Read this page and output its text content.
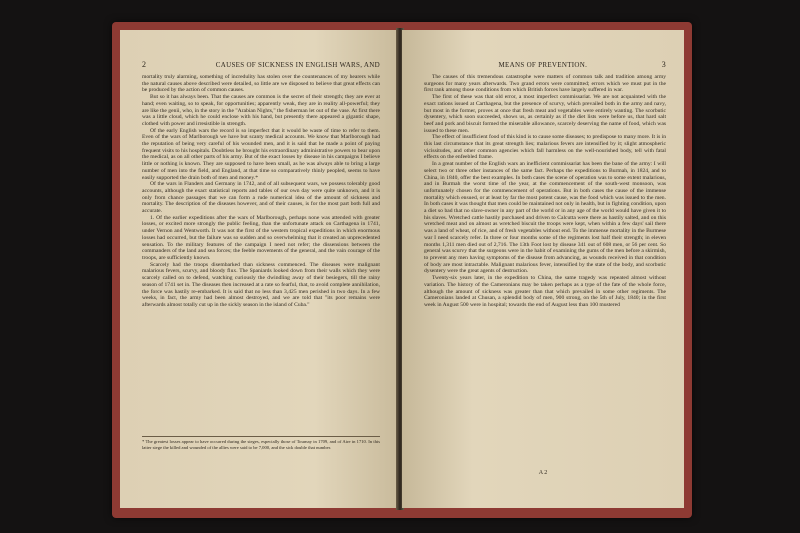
2	CAUSES OF SICKNESS IN ENGLISH WARS, AND

mortality truly alarming, something of incredulity has stolen over the countenances of my hearers while the natural causes above described were detailed, so little are we disposed to believe that great effects can be produced by the action of common causes.

But so it has always been. That the causes are common is the secret of their strength; they are ever at hand; even waiting, so to speak, for opportunities; apparently weak, they are in reality all-powerful; they are like the genii, who, in the story in the "Arabian Nights," the fisherman let out of the vase. At first there was a little cloud, which he could enclose with his hand, but presently there appeared a gigantic shape, clothed with power and irresistible in strength.

Of the early English wars the record is so imperfect that it would be waste of time to refer to them. Even of the wars of Marlborough we have but scanty medical accounts. We know that Marlborough had the reputation of being very careful of his wounded men, and it is said that he made a point of paying frequent visits to his hospitals. Doubtless he brought his extraordinary administrative powers to bear upon the medical, as on all other parts of his army. But of the exact losses by disease in his campaigns I believe little or nothing is known. They are supposed to have been small, as he was always able to bring a large number of men into the field, and England, at that time so comparatively thinly peopled, seems to have easily supported the drain both of men and money.*

Of the wars in Flanders and Germany in 1742, and of all subsequent wars, we possess tolerably good accounts, although the exact statistical reports and tables of our own day were quite unknown, and it is only from chance passages that we can form a rude numerical idea of the amount of sickness and mortality. The description of the diseases however, and of their causes, is for the most part both full and accurate.

1. Of the earlier expeditions after the wars of Marlborough, perhaps none was attended with greater losses, or excited more strongly the public feeling, than the unfortunate attack on Carthagena in 1741, under Vernon and Wentworth. It was not the first of the western tropical expeditions in which enormous losses had occurred, but the failure was so sudden and so overwhelming that it created an unprecedented sensation. To the military features of the campaign I need not refer; the dissensions between the commanders of the land and sea forces; the feeble movements of the general, and the vain courage of the troops, are sufficiently known.

Scarcely had the troops disembarked than sickness commenced. The diseases were malignant malarious fevers, scurvy, and bloody flux. The Spaniards looked down from their walls which they were scarcely called on to defend, watching curiously the dwindling away of their besiegers, till the rainy season of 1741 set in. The diseases then increased at a rate so fearful, that, to avoid complete annihilation, the force was hastily re-embarked. It is said that no less than 3,425 men perished in two days. In a few weeks, in fact, the army had been almost destroyed, and we are told that "its poor remains were afterwards almost totally cut up in the sickly season in the island of Cuba."

* The greatest losses appear to have occurred during the sieges, especially those of Tournay in 1709, and of Aire in 1710. In this latter siege the killed and wounded of the allies were said to be 7,000, and the sick double that number.
MEANS OF PREVENTION.	3

The causes of this tremendous catastrophe were matters of common talk and tradition among army surgeons for many years afterwards. Two grand errors were committed; errors which we must put in the first rank among those conditions from which British forces have largely suffered in war.

The first of these was that old error, a most imperfect commissariat. We are not acquainted with the exact rations issued at Carthagena, but the presence of scurvy, which prevailed both in the army and navy, but most in the former, proves at once that fresh meat and vegetables were entirely wanting. The scorbutic dysentery, which soon succeeded, shows us, as certainly as if the diet lists were before us, that hard salt beef and pork and biscuit formed the miserable allowance, scarcely deserving the name of food, which was issued to these men.

The effect of insufficient food of this kind is to cause some diseases; to predispose to many more. It is in this last circumstance that its great strength lies; malarious fevers are intensified by it; slight atmospheric vicissitudes, and other common agencies which fall harmless on the well-nourished body, tell with fatal effects on the enfeebled frame.

In a great number of the English wars an inefficient commissariat has been the bane of the army: I will select two or three other instances of the same fact. Perhaps the expeditions to Burmah, in 1824, and to China, in 1840, offer the best examples. In both cases the scene of operation was to some extent malarious, and in Burmah the worst time of the year, at the commencement of the south-west monsoon, was unfortunately chosen for the commencement of operations. But in both cases the cause of the immense mortality which ensued, or at least by far the most potent cause, was the food which was issued to the men. In both cases it was thought that men could be maintained not only in health, but in fighting condition, upon a diet so bad that no slave-owner in any part of the world or in any age of the world would have given it to his slaves. Wretched cattle hastily purchased and driven to Calcutta were there as hastily salted, and on this wretched meat and on almost as wretched biscuit the troops were kept, when within a few days' sail there was a land of wheat, of rice, and of fresh vegetables without end. To the immense mortality in the Burmese war I need scarcely refer. In three or four months some of the regiments lost half their strength; in eleven months 1,311 men died out of 2,716. The 13th Foot lost by disease 341 out of 608 men, or 56 per cent. So general was scurvy that the surgeons were in the habit of examining the gums of the men before a skirmish, to prevent any men having symptoms of the disease from advancing, as wounds received in that condition of body are most intractable. Malignant malarious fever, intensified by the state of the body, and scorbutic dysentery were the great agents of destruction.

Twenty-six years later, in the expedition to China, the same tragedy was repeated almost without variation. The history of the Cameronians may be taken perhaps as a type of the fate of the whole force, although the amount of sickness was greater than that which prevailed in some other regiments. The Cameronians landed at Chusan, a splendid body of men, 900 strong, on the 5th of July, 1840; in the first week in August 500 were in hospital; towards the end of August less than 100 mustered

A 2
